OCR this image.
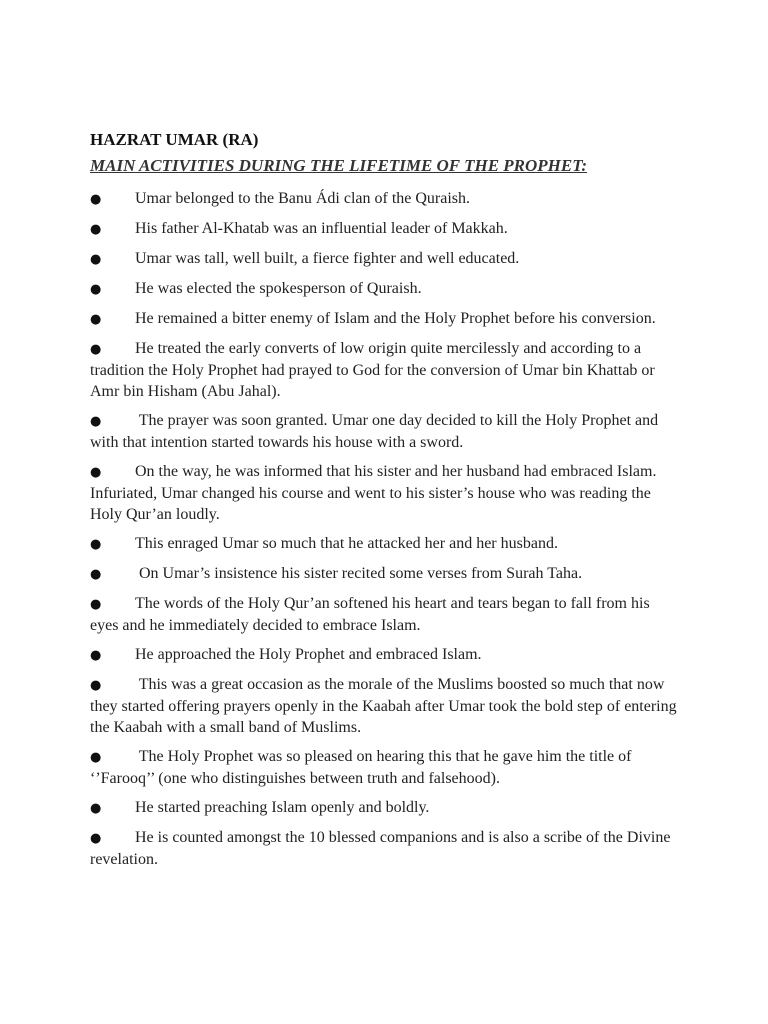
HAZRAT UMAR (RA)

MAIN ACTIVITIES DURING THE LIFETIME OF THE PROPHET:

● Umar belonged to the Banu Ádi clan of the Quraish.
● His father Al-Khatab was an influential leader of Makkah.
● Umar was tall, well built, a fierce fighter and well educated.
● He was elected the spokesperson of Quraish.
● He remained a bitter enemy of Islam and the Holy Prophet before his conversion.
● He treated the early converts of low origin quite mercilessly and according to a tradition the Holy Prophet had prayed to God for the conversion of Umar bin Khattab or Amr bin Hisham (Abu Jahal).
● The prayer was soon granted. Umar one day decided to kill the Holy Prophet and with that intention started towards his house with a sword.
● On the way, he was informed that his sister and her husband had embraced Islam. Infuriated, Umar changed his course and went to his sister’s house who was reading the Holy Qur’an loudly.
● This enraged Umar so much that he attacked her and her husband.
● On Umar’s insistence his sister recited some verses from Surah Taha.
● The words of the Holy Qur’an softened his heart and tears began to fall from his eyes and he immediately decided to embrace Islam.
● He approached the Holy Prophet and embraced Islam.
● This was a great occasion as the morale of the Muslims boosted so much that now they started offering prayers openly in the Kaabah after Umar took the bold step of entering the Kaabah with a small band of Muslims.
● The Holy Prophet was so pleased on hearing this that he gave him the title of ‘’Farooq’’ (one who distinguishes between truth and falsehood).
● He started preaching Islam openly and boldly.
● He is counted amongst the 10 blessed companions and is also a scribe of the Divine revelation.
